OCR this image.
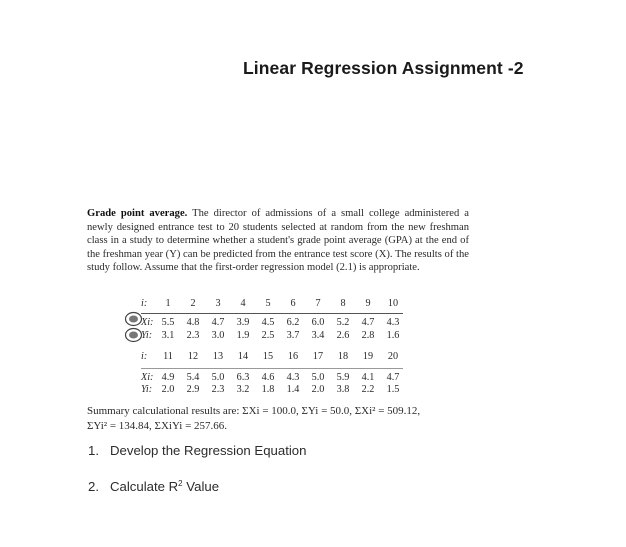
Linear Regression Assignment -2
Grade point average. The director of admissions of a small college administered a newly designed entrance test to 20 students selected at random from the new freshman class in a study to determine whether a student's grade point average (GPA) at the end of the freshman year (Y) can be predicted from the entrance test score (X). The results of the study follow. Assume that the first-order regression model (2.1) is appropriate.
i:	1	2	3	4	5	6	7	8	9	10
Xi: 5.5	4.8	4.7	3.9	4.5	6.2	6.0	5.2	4.7	4.3
Yi: 3.1	2.3	3.0	1.9	2.5	3.7	3.4	2.6	2.8	1.6
i:	11	12	13	14	15	16	17	18	19	20
Xi: 4.9	5.4	5.0	6.3	4.6	4.3	5.0	5.9	4.1	4.7
Yi: 2.0	2.9	2.3	3.2	1.8	1.4	2.0	3.8	2.2	1.5
Summary calculational results are: ΣXi = 100.0, ΣYi = 50.0, ΣXi² = 509.12,
ΣYi² = 134.84, ΣXiYi = 257.66.
1. Develop the Regression Equation
2. Calculate $R^2$ Value
